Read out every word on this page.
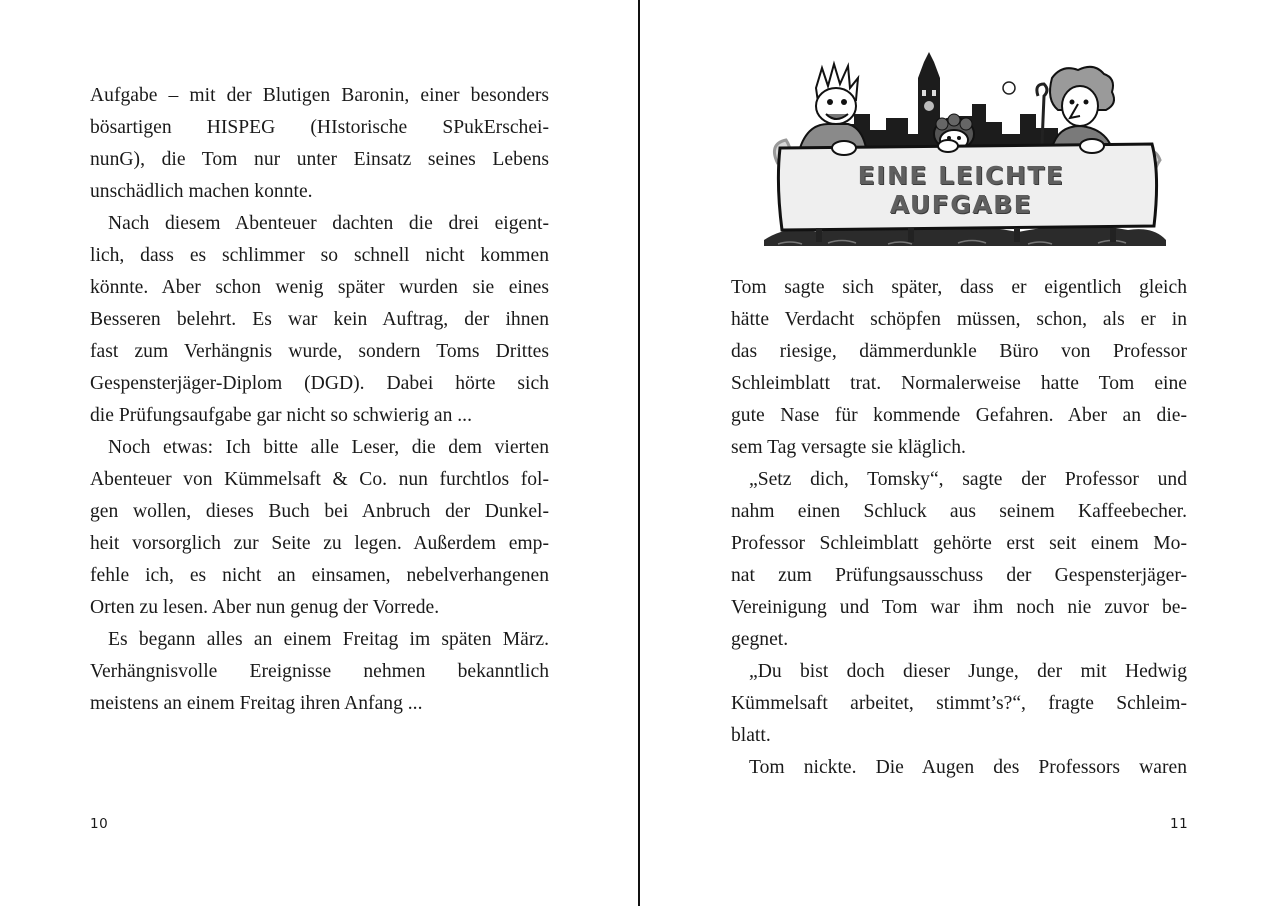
Aufgabe – mit der Blutigen Baronin, einer besonders
bösartigen HISPEG (HIstorische SPukErschei-
nunG), die Tom nur unter Einsatz seines Lebens
unschädlich machen konnte.
Nach diesem Abenteuer dachten die drei eigent-
lich, dass es schlimmer so schnell nicht kommen
könnte. Aber schon wenig später wurden sie eines
Besseren belehrt. Es war kein Auftrag, der ihnen
fast zum Verhängnis wurde, sondern Toms Drittes
Gespensterjäger-Diplom (DGD). Dabei hörte sich
die Prüfungsaufgabe gar nicht so schwierig an ...
Noch etwas: Ich bitte alle Leser, die dem vierten
Abenteuer von Kümmelsaft & Co. nun furchtlos fol-
gen wollen, dieses Buch bei Anbruch der Dunkel-
heit vorsorglich zur Seite zu legen. Außerdem emp-
fehle ich, es nicht an einsamen, nebelverhangenen
Orten zu lesen. Aber nun genug der Vorrede.
Es begann alles an einem Freitag im späten März.
Verhängnisvolle Ereignisse nehmen bekanntlich
meistens an einem Freitag ihren Anfang ...
10
EINE LEICHTE AUFGABE
Tom sagte sich später, dass er eigentlich gleich
hätte Verdacht schöpfen müssen, schon, als er in
das riesige, dämmerdunkle Büro von Professor
Schleimblatt trat. Normalerweise hatte Tom eine
gute Nase für kommende Gefahren. Aber an die-
sem Tag versagte sie kläglich.
„Setz dich, Tomsky“, sagte der Professor und
nahm einen Schluck aus seinem Kaffeebecher.
Professor Schleimblatt gehörte erst seit einem Mo-
nat zum Prüfungsausschuss der Gespensterjäger-
Vereinigung und Tom war ihm noch nie zuvor be-
gegnet.
„Du bist doch dieser Junge, der mit Hedwig
Kümmelsaft arbeitet, stimmt’s?“, fragte Schleim-
blatt.
Tom nickte. Die Augen des Professors waren
11
